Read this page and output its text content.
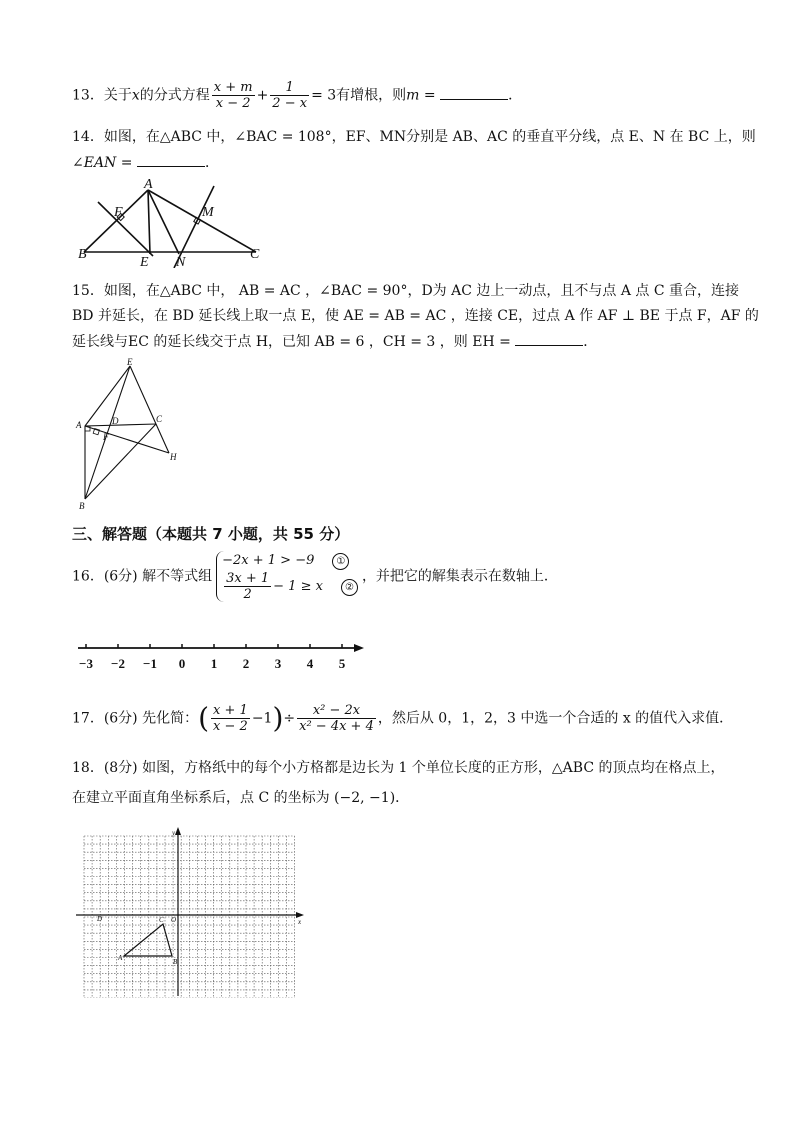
13．关于x的分式方程 $\frac{x + m}{x - 2} + \frac{1}{2 - x} = 3$有增根，则m =	．
14．如图，在△ABC 中，∠BAC = 108°，EF、MN分别是 AB、AC 的垂直平分线，点 E、N 在 BC 上，则
∠EAN =	．
A
F	M
B
E N
C
15．如图，在△ABC 中， AB = AC ，∠BAC = 90°，D为 AC 边上一动点，且不与点 A 点 C 重合，连接
BD 并延长，在 BD 延长线上取一点 E，使 AE = AB = AC ，连接 CE，过点 A 作 AF ⊥ BE 于点 F，AF 的
延长线与EC 的延长线交于点 H，已知 AB = 6 ，CH = 3 ，则 EH =	．
E
A	D	C
F
H
B
三、解答题（本题共 7 小题，共 55 分）
16．(6分) 解不等式组
−2x + 1 > −9 ①
$\frac{3x + 1}{2} - 1 \ge x$ ②
，并把它的解集表示在数轴上．
−3 −2 −1 0 1 2 3 4 5
17．(6分) 先化简：( $\frac{x + 1}{x - 2} -1)\div \frac{\text{x² − 2x}}{\text{x² − 4x + 4}}$ ，然后从 0，1，2，3 中选一个合适的 x 的值代入求值．
18．(8分) 如图，方格纸中的每个小方格都是边长为 1 个单位长度的正方形，△ABC 的顶点均在格点上，
在建立平面直角坐标系后，点 C 的坐标为 (−2, −1)．
y
x
D	C O
A	B
